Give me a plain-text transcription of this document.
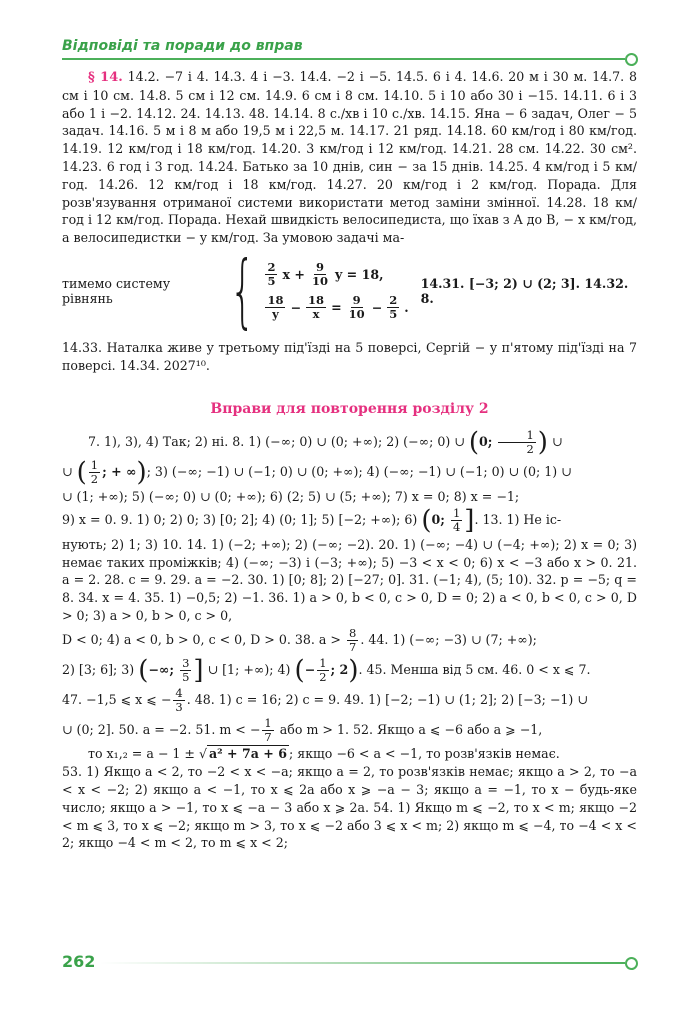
Відповіді та поради до вправ

§ 14. 14.2. −7 і 4. 14.3. 4 і −3. 14.4. −2 і −5. 14.5. 6 і 4. 14.6. 20 м і 30 м. 14.7. 8 см і 10 см. 14.8. 5 см і 12 см. 14.9. 6 см і 8 см. 14.10. 5 і 10 або 30 і −15. 14.11. 6 і 3 або 1 і −2. 14.12. 24. 14.13. 48. 14.14. 8 с./хв і 10 с./хв. 14.15. Яна − 6 задач, Олег − 5 задач. 14.16. 5 м і 8 м або 19,5 м і 22,5 м. 14.17. 21 ряд. 14.18. 60 км/год і 80 км/год. 14.19. 12 км/год і 18 км/год. 14.20. 3 км/год і 12 км/год. 14.21. 28 см. 14.22. 30 см². 14.23. 6 год і 3 год. 14.24. Батько за 10 днів, син − за 15 днів. 14.25. 4 км/год і 5 км/год. 14.26. 12 км/год і 18 км/год. 14.27. 20 км/год і 2 км/год. Порада. Для розв'язування отриманої системи використати метод заміни змінної. 14.28. 18 км/год і 12 км/год. Порада. Нехай швидкість велосипедиста, що їхав з A до B, − x км/год, а велосипедистки − y км/год. За умовою задачі ма-

тимемо систему рівнянь	{ $\frac{2}{5}$ $x + \frac{9}{10}$ y = 18,
$\frac{18}{y} - \frac{18}{x} = \frac{9}{10} - \frac{2}{5}$ .
14.31. [−3; 2) ∪ (2; 3]. 14.32. 8.

14.33. Наталка живе у третьому під'їзді на 5 поверсі, Сергій − у п'ятому під'їзді на 7 поверсі. 14.34. 2027¹⁰.

Вправи для повторення розділу 2

7. 1), 3), 4) Так; 2) ні. 8. 1) (−∞; 0) ∪ (0; +∞); 2) (−∞; 0) ∪ (0; $\frac{1}{2}$ ) ∪

∪ ( $\frac{1}{2}$ ; + ∞); 3) (−∞; −1) ∪ (−1; 0) ∪ (0; +∞); 4) (−∞; −1) ∪ (−1; 0) ∪ (0; 1) ∪

∪ (1; +∞); 5) (−∞; 0) ∪ (0; +∞); 6) (2; 5) ∪ (5; +∞); 7) x = 0; 8) x = −1;

9) x = 0. 9. 1) 0; 2) 0; 3) [0; 2]; 4) (0; 1]; 5) [−2; +∞); 6) (0; $\frac{1}{4}$ ]. 13. 1) Не іс-

нують; 2) 1; 3) 10. 14. 1) (−2; +∞); 2) (−∞; −2). 20. 1) (−∞; −4) ∪ (−4; +∞); 2) x = 0; 3) немає таких проміжків; 4) (−∞; −3) і (−3; +∞); 5) −3 < x < 0; 6) x < −3 або x > 0. 21. a = 2. 28. c = 9. 29. a = −2. 30. 1) [0; 8]; 2) [−27; 0]. 31. (−1; 4), (5; 10). 32. p = −5; q = 8. 34. x = 4. 35. 1) −0,5; 2) −1. 36. 1) a > 0, b < 0, c > 0, D = 0; 2) a < 0, b < 0, c > 0, D > 0; 3) a > 0, b > 0, c > 0,

D < 0; 4) a < 0, b > 0, c < 0, D > 0. 38. $a > \frac{8}{7}$ . 44. 1) (−∞; −3) ∪ (7; +∞);

2) [3; 6]; 3) (−∞; $\frac{3}{5}$ ] ∪ [1; +∞); 4) (− $\frac{1}{2}$ ; 2). 45. Менша від 5 см. 46. 0 < x ⩽ 7.

47. −1,5 ⩽ x ⩽ − $\frac{4}{3}$ . 48. 1) c = 16; 2) c = 9. 49. 1) [−2; −1) ∪ (1; 2]; 2) [−3; −1) ∪

∪ (0; 2]. 50. a = −2. 51. m < − $\frac{1}{7}$ або m > 1. 52. Якщо a ⩽ −6 або a ⩾ −1,

то x₁,₂ = a − 1 ± √ a² + 7a + 6 ; якщо −6 < a < −1, то розв'язків немає.

53. 1) Якщо a < 2, то −2 < x < −a; якщо a = 2, то розв'язків немає; якщо a > 2, то −a < x < −2; 2) якщо a < −1, то x ⩽ 2a або x ⩾ −a − 3; якщо a = −1, то x − будь-яке число; якщо a > −1, то x ⩽ −a − 3 або x ⩾ 2a. 54. 1) Якщо m ⩽ −2, то x < m; якщо −2 < m ⩽ 3, то x ⩽ −2; якщо m > 3, то x ⩽ −2 або 3 ⩽ x < m; 2) якщо m ⩽ −4, то −4 < x < 2; якщо −4 < m < 2, то m ⩽ x < 2;

262
